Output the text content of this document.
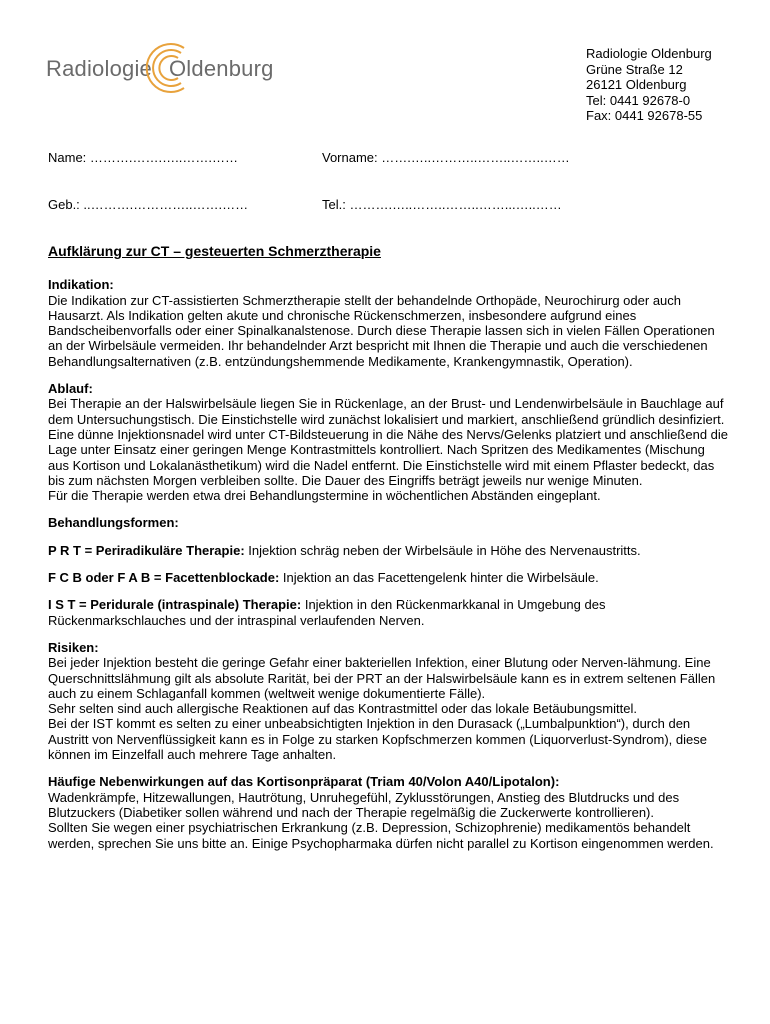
Radiologie Oldenburg
Radiologie Oldenburg
Grüne Straße 12
26121 Oldenburg
Tel: 0441 92678-0
Fax: 0441 92678-55
Name: ……….…….…..…….……	Vorname: …….…..………..……..……..……
Geb.: ..……….…………..…….……	Tel.: ……….…..……..……..……...…..……
Aufklärung zur CT – gesteuerten Schmerztherapie
Indikation:

Die Indikation zur CT-assistierten Schmerztherapie stellt der behandelnde Orthopäde, Neurochirurg oder auch Hausarzt. Als Indikation gelten akute und chronische Rückenschmerzen, insbesondere aufgrund eines Bandscheibenvorfalls oder einer Spinalkanalstenose. Durch diese Therapie lassen sich in vielen Fällen Operationen an der Wirbelsäule vermeiden. Ihr behandelnder Arzt bespricht mit Ihnen die Therapie und auch die verschiedenen Behandlungsalternativen (z.B. entzündungshemmende Medikamente, Krankengymnastik, Operation).

Ablauf:

Bei Therapie an der Halswirbelsäule liegen Sie in Rückenlage, an der Brust- und Lendenwirbelsäule in Bauchlage auf dem Untersuchungstisch. Die Einstichstelle wird zunächst lokalisiert und markiert, anschließend gründlich desinfiziert. Eine dünne Injektionsnadel wird unter CT-Bildsteuerung in die Nähe des Nervs/Gelenks platziert und anschließend die Lage unter Einsatz einer geringen Menge Kontrastmittels kontrolliert. Nach Spritzen des Medikamentes (Mischung aus Kortison und Lokalanästhetikum) wird die Nadel entfernt. Die Einstichstelle wird mit einem Pflaster bedeckt, das bis zum nächsten Morgen verbleiben sollte. Die Dauer des Eingriffs beträgt jeweils nur wenige Minuten.

Für die Therapie werden etwa drei Behandlungstermine in wöchentlichen Abständen eingeplant.

Behandlungsformen:

P R T = Periradikuläre Therapie: Injektion schräg neben der Wirbelsäule in Höhe des Nervenaustritts.

F C B oder F A B = Facettenblockade: Injektion an das Facettengelenk hinter die Wirbelsäule.

I S T = Peridurale (intraspinale) Therapie: Injektion in den Rückenmarkkanal in Umgebung des Rückenmarkschlauches und der intraspinal verlaufenden Nerven.

Risiken:

Bei jeder Injektion besteht die geringe Gefahr einer bakteriellen Infektion, einer Blutung oder Nerven-lähmung. Eine Querschnittslähmung gilt als absolute Rarität, bei der PRT an der Halswirbelsäule kann es in extrem seltenen Fällen auch zu einem Schlaganfall kommen (weltweit wenige dokumentierte Fälle).

Sehr selten sind auch allergische Reaktionen auf das Kontrastmittel oder das lokale Betäubungsmittel.

Bei der IST kommt es selten zu einer unbeabsichtigten Injektion in den Durasack („Lumbalpunktion“), durch den Austritt von Nervenflüssigkeit kann es in Folge zu starken Kopfschmerzen kommen (Liquorverlust-Syndrom), diese können im Einzelfall auch mehrere Tage anhalten.

Häufige Nebenwirkungen auf das Kortisonpräparat (Triam 40/Volon A40/Lipotalon):

Wadenkrämpfe, Hitzewallungen, Hautrötung, Unruhegefühl, Zyklusstörungen, Anstieg des Blutdrucks und des Blutzuckers (Diabetiker sollen während und nach der Therapie regelmäßig die Zuckerwerte kontrollieren).

Sollten Sie wegen einer psychiatrischen Erkrankung (z.B. Depression, Schizophrenie) medikamentös behandelt werden, sprechen Sie uns bitte an. Einige Psychopharmaka dürfen nicht parallel zu Kortison eingenommen werden.
